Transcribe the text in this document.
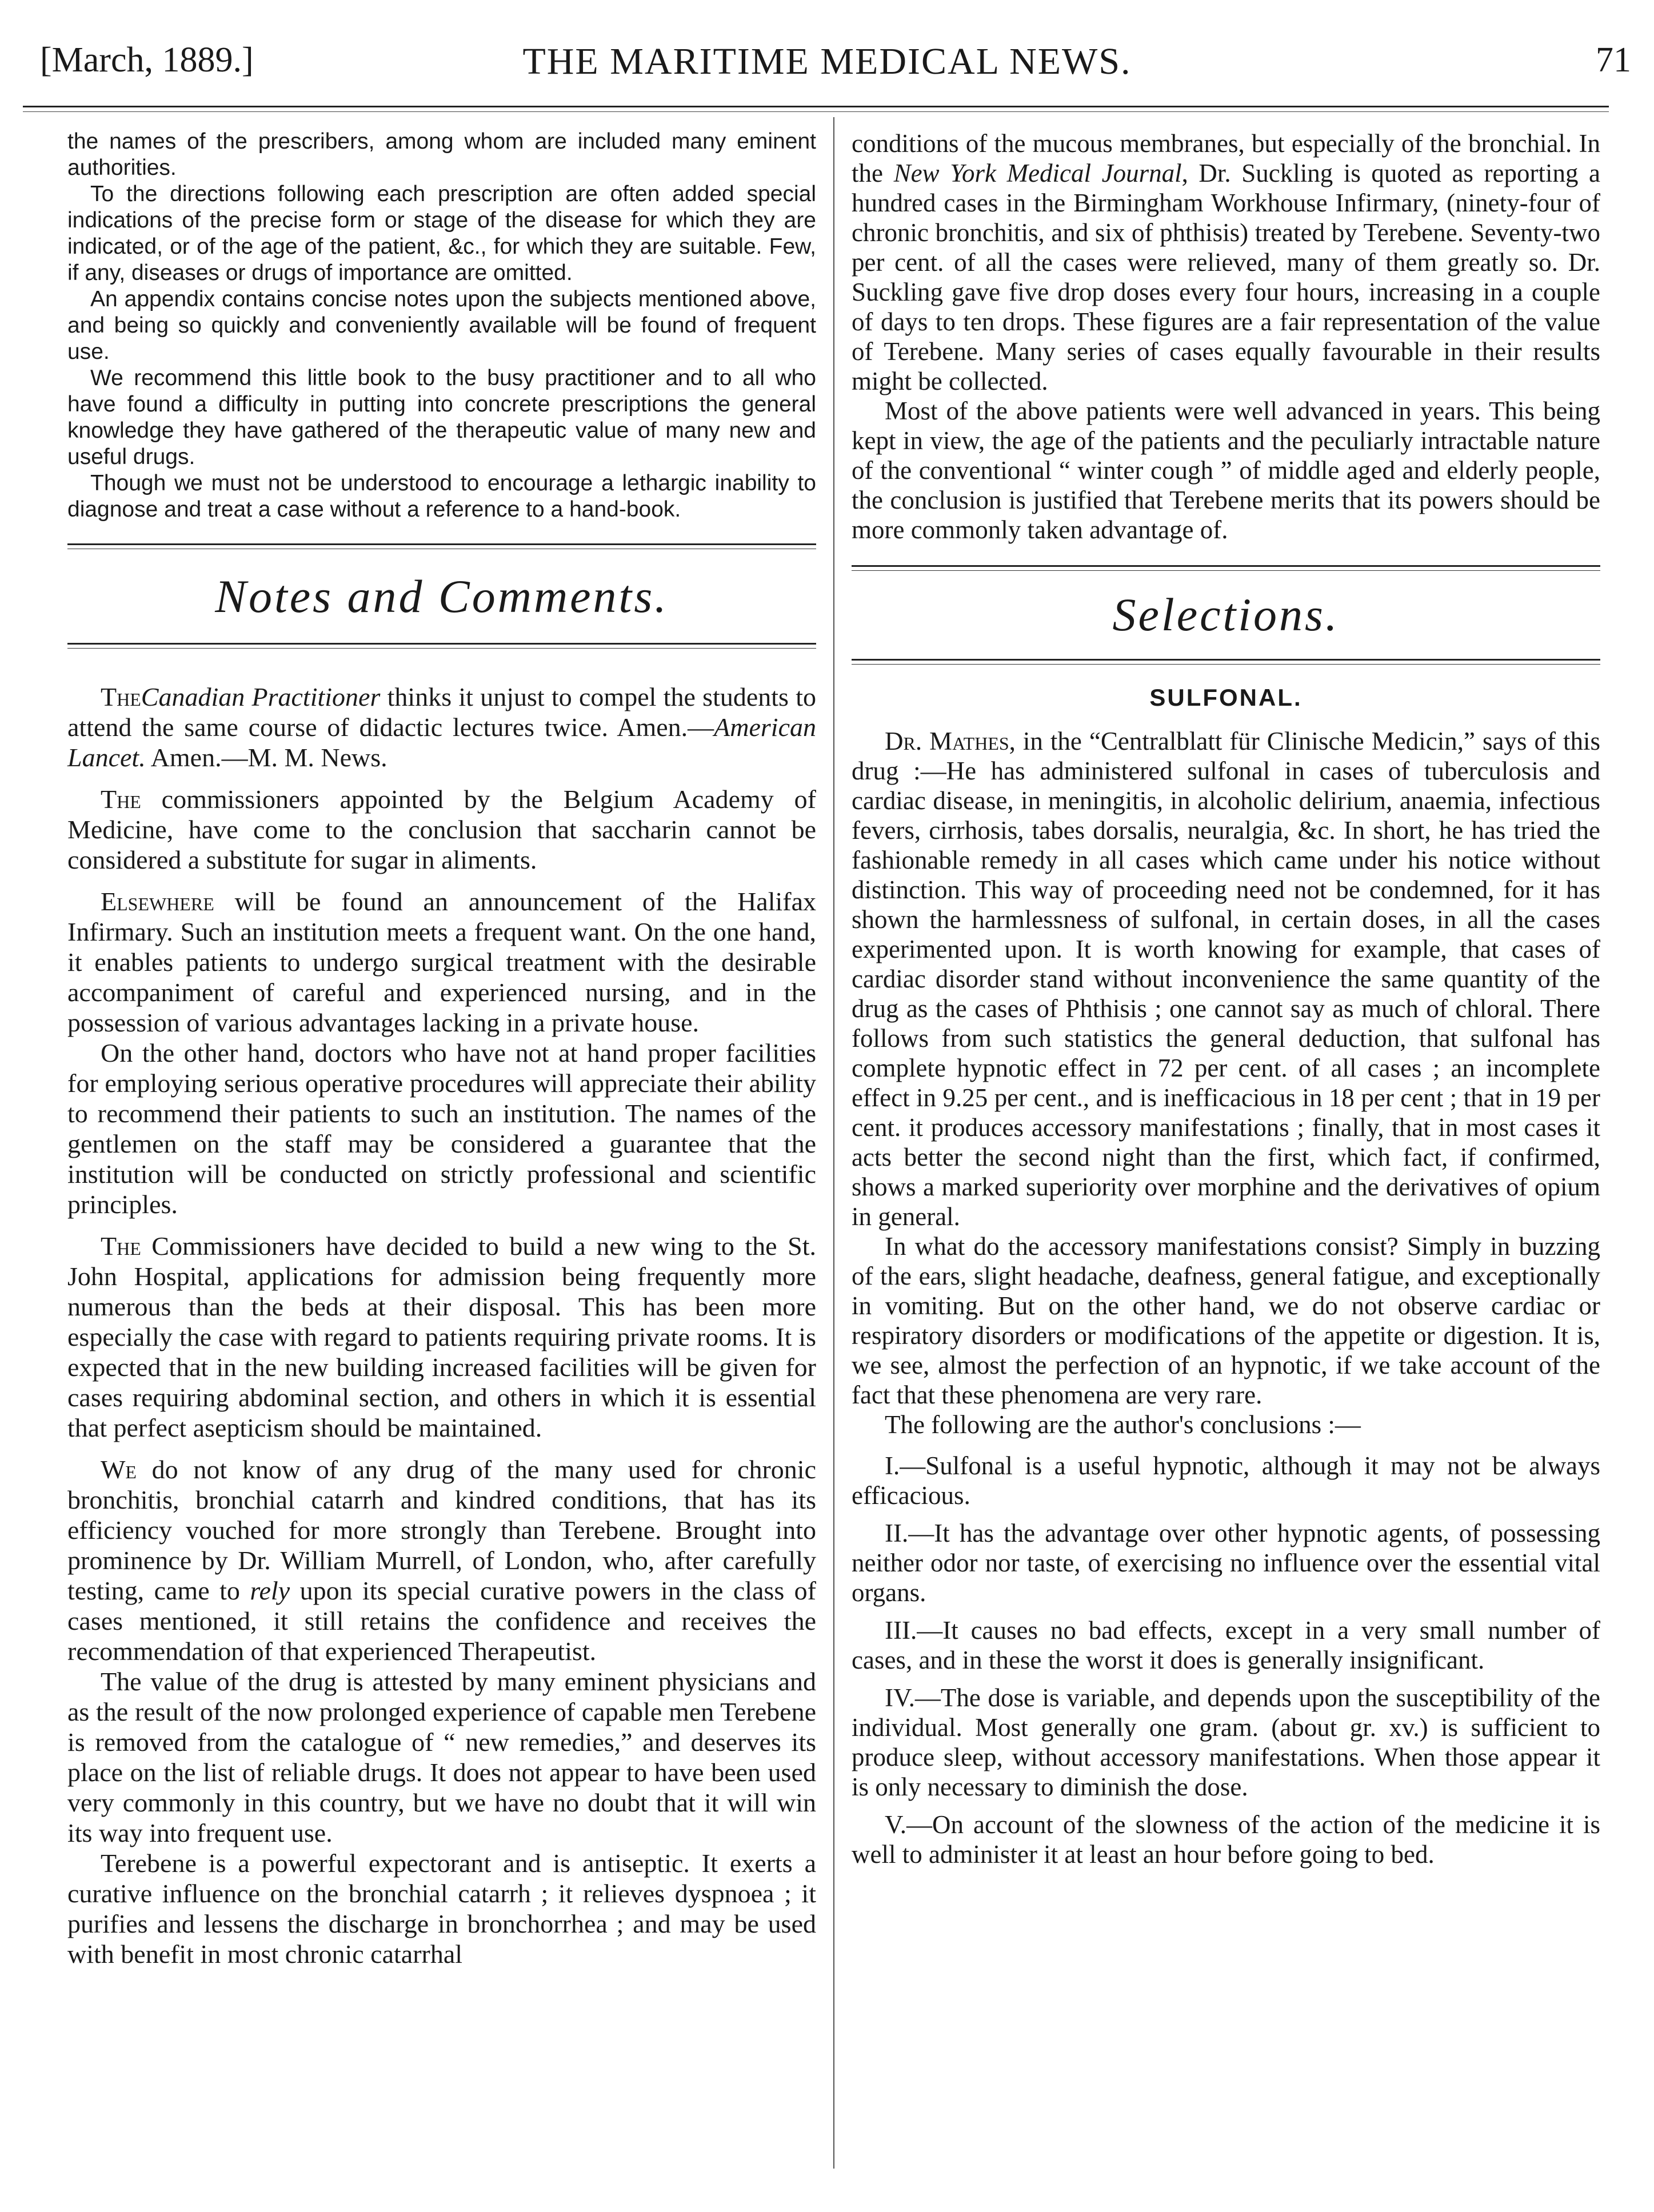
[March, 1889.]	THE MARITIME MEDICAL NEWS.	71

the names of the prescribers, among whom are included many eminent authorities.

To the directions following each prescription are often added special indications of the precise form or stage of the disease for which they are indicated, or of the age of the patient, &c., for which they are suitable. Few, if any, diseases or drugs of importance are omitted.

An appendix contains concise notes upon the subjects mentioned above, and being so quickly and conveniently available will be found of frequent use.

We recommend this little book to the busy practitioner and to all who have found a difficulty in putting into concrete prescriptions the general knowledge they have gathered of the therapeutic value of many new and useful drugs.

Though we must not be understood to encourage a lethargic inability to diagnose and treat a case without a reference to a hand-book.

Notes and Comments.

TheCanadian Practitioner thinks it unjust to compel the students to attend the same course of didactic lectures twice. Amen.—American Lancet. Amen.—M. M. News.

The commissioners appointed by the Belgium Academy of Medicine, have come to the conclusion that saccharin cannot be considered a substitute for sugar in aliments.

Elsewhere will be found an announcement of the Halifax Infirmary. Such an institution meets a frequent want. On the one hand, it enables patients to undergo surgical treatment with the desirable accompaniment of careful and experienced nursing, and in the possession of various advantages lacking in a private house.

On the other hand, doctors who have not at hand proper facilities for employing serious operative procedures will appreciate their ability to recommend their patients to such an institution. The names of the gentlemen on the staff may be considered a guarantee that the institution will be conducted on strictly professional and scientific principles.

The Commissioners have decided to build a new wing to the St. John Hospital, applications for admission being frequently more numerous than the beds at their disposal. This has been more especially the case with regard to patients requiring private rooms. It is expected that in the new building increased facilities will be given for cases requiring abdominal section, and others in which it is essential that perfect asepticism should be maintained.

We do not know of any drug of the many used for chronic bronchitis, bronchial catarrh and kindred conditions, that has its efficiency vouched for more strongly than Terebene. Brought into prominence by Dr. William Murrell, of London, who, after carefully testing, came to rely upon its special curative powers in the class of cases mentioned, it still retains the confidence and receives the recommendation of that experienced Therapeutist.

The value of the drug is attested by many eminent physicians and as the result of the now prolonged experience of capable men Terebene is removed from the catalogue of “ new remedies,” and deserves its place on the list of reliable drugs. It does not appear to have been used very commonly in this country, but we have no doubt that it will win its way into frequent use.

Terebene is a powerful expectorant and is antiseptic. It exerts a curative influence on the bronchial catarrh ; it relieves dyspnoea ; it purifies and lessens the discharge in bronchorrhea ; and may be used with benefit in most chronic catarrhal

conditions of the mucous membranes, but especially of the bronchial. In the New York Medical Journal, Dr. Suckling is quoted as reporting a hundred cases in the Birmingham Workhouse Infirmary, (ninety-four of chronic bronchitis, and six of phthisis) treated by Terebene. Seventy-two per cent. of all the cases were relieved, many of them greatly so. Dr. Suckling gave five drop doses every four hours, increasing in a couple of days to ten drops. These figures are a fair representation of the value of Terebene. Many series of cases equally favourable in their results might be collected.

Most of the above patients were well advanced in years. This being kept in view, the age of the patients and the peculiarly intractable nature of the conventional “ winter cough ” of middle aged and elderly people, the conclusion is justified that Terebene merits that its powers should be more commonly taken advantage of.

Selections.
SULFONAL.

Dr. Mathes, in the “Centralblatt für Clinische Medicin,” says of this drug :—He has administered sulfonal in cases of tuberculosis and cardiac disease, in meningitis, in alcoholic delirium, anaemia, infectious fevers, cirrhosis, tabes dorsalis, neuralgia, &c. In short, he has tried the fashionable remedy in all cases which came under his notice without distinction. This way of proceeding need not be condemned, for it has shown the harmlessness of sulfonal, in certain doses, in all the cases experimented upon. It is worth knowing for example, that cases of cardiac disorder stand without inconvenience the same quantity of the drug as the cases of Phthisis ; one cannot say as much of chloral. There follows from such statistics the general deduction, that sulfonal has complete hypnotic effect in 72 per cent. of all cases ; an incomplete effect in 9.25 per cent., and is inefficacious in 18 per cent ; that in 19 per cent. it produces accessory manifestations ; finally, that in most cases it acts better the second night than the first, which fact, if confirmed, shows a marked superiority over morphine and the derivatives of opium in general.

In what do the accessory manifestations consist? Simply in buzzing of the ears, slight headache, deafness, general fatigue, and exceptionally in vomiting. But on the other hand, we do not observe cardiac or respiratory disorders or modifications of the appetite or digestion. It is, we see, almost the perfection of an hypnotic, if we take account of the fact that these phenomena are very rare.

The following are the author's conclusions :—

I.—Sulfonal is a useful hypnotic, although it may not be always efficacious.

II.—It has the advantage over other hypnotic agents, of possessing neither odor nor taste, of exercising no influence over the essential vital organs.

III.—It causes no bad effects, except in a very small number of cases, and in these the worst it does is generally insignificant.

IV.—The dose is variable, and depends upon the susceptibility of the individual. Most generally one gram. (about gr. xv.) is sufficient to produce sleep, without accessory manifestations. When those appear it is only necessary to diminish the dose.

V.—On account of the slowness of the action of the medicine it is well to administer it at least an hour before going to bed.
